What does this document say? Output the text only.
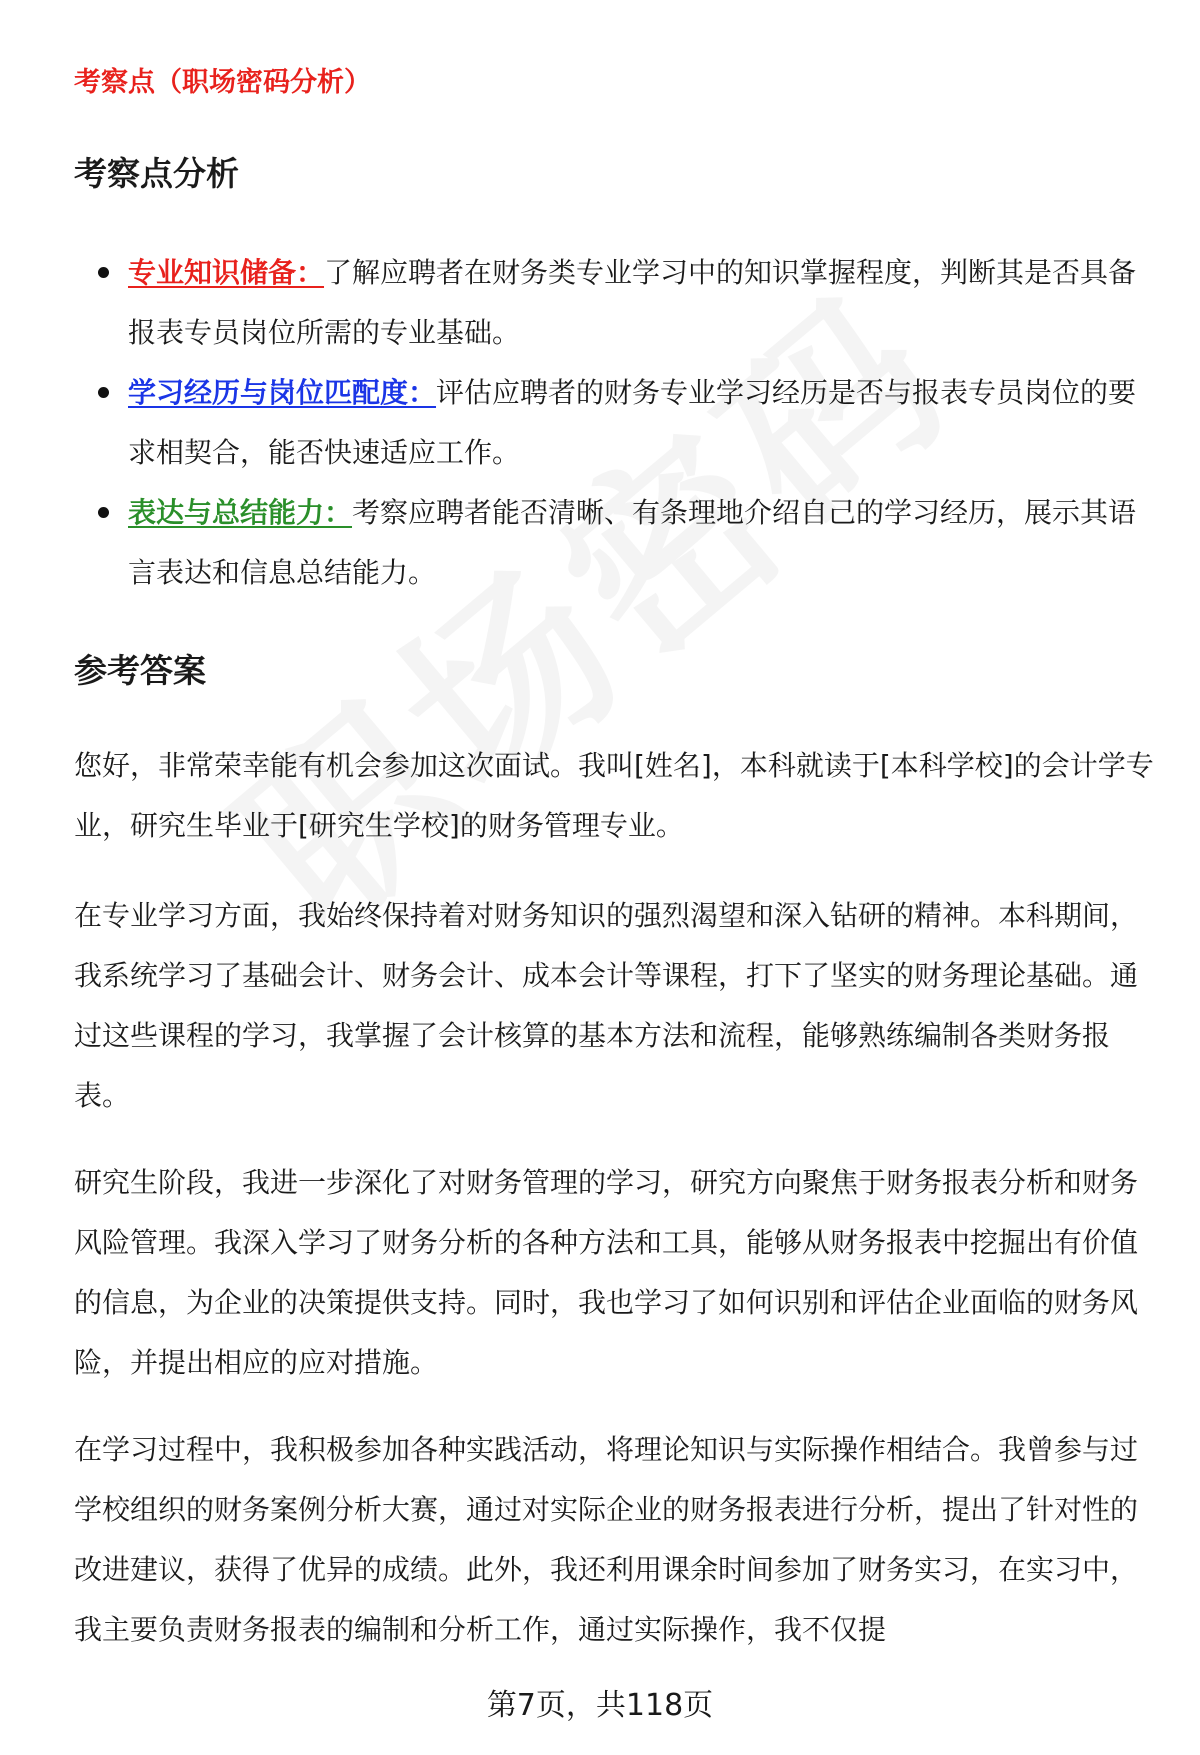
考察点（职场密码分析）
考察点分析
专业知识储备：了解应聘者在财务类专业学习中的知识掌握程度，判断其是否具备报表专员岗位所需的专业基础。
学习经历与岗位匹配度：评估应聘者的财务专业学习经历是否与报表专员岗位的要求相契合，能否快速适应工作。
表达与总结能力：考察应聘者能否清晰、有条理地介绍自己的学习经历，展示其语言表达和信息总结能力。
参考答案

您好，非常荣幸能有机会参加这次面试。我叫[姓名]，本科就读于[本科学校]的会计学专业，研究生毕业于[研究生学校]的财务管理专业。

在专业学习方面，我始终保持着对财务知识的强烈渴望和深入钻研的精神。本科期间，我系统学习了基础会计、财务会计、成本会计等课程，打下了坚实的财务理论基础。通过这些课程的学习，我掌握了会计核算的基本方法和流程，能够熟练编制各类财务报表。

研究生阶段，我进一步深化了对财务管理的学习，研究方向聚焦于财务报表分析和财务风险管理。我深入学习了财务分析的各种方法和工具，能够从财务报表中挖掘出有价值的信息，为企业的决策提供支持。同时，我也学习了如何识别和评估企业面临的财务风险，并提出相应的应对措施。

在学习过程中，我积极参加各种实践活动，将理论知识与实际操作相结合。我曾参与过学校组织的财务案例分析大赛，通过对实际企业的财务报表进行分析，提出了针对性的改进建议，获得了优异的成绩。此外，我还利用课余时间参加了财务实习，在实习中，我主要负责财务报表的编制和分析工作，通过实际操作，我不仅提

第7页，共118页
